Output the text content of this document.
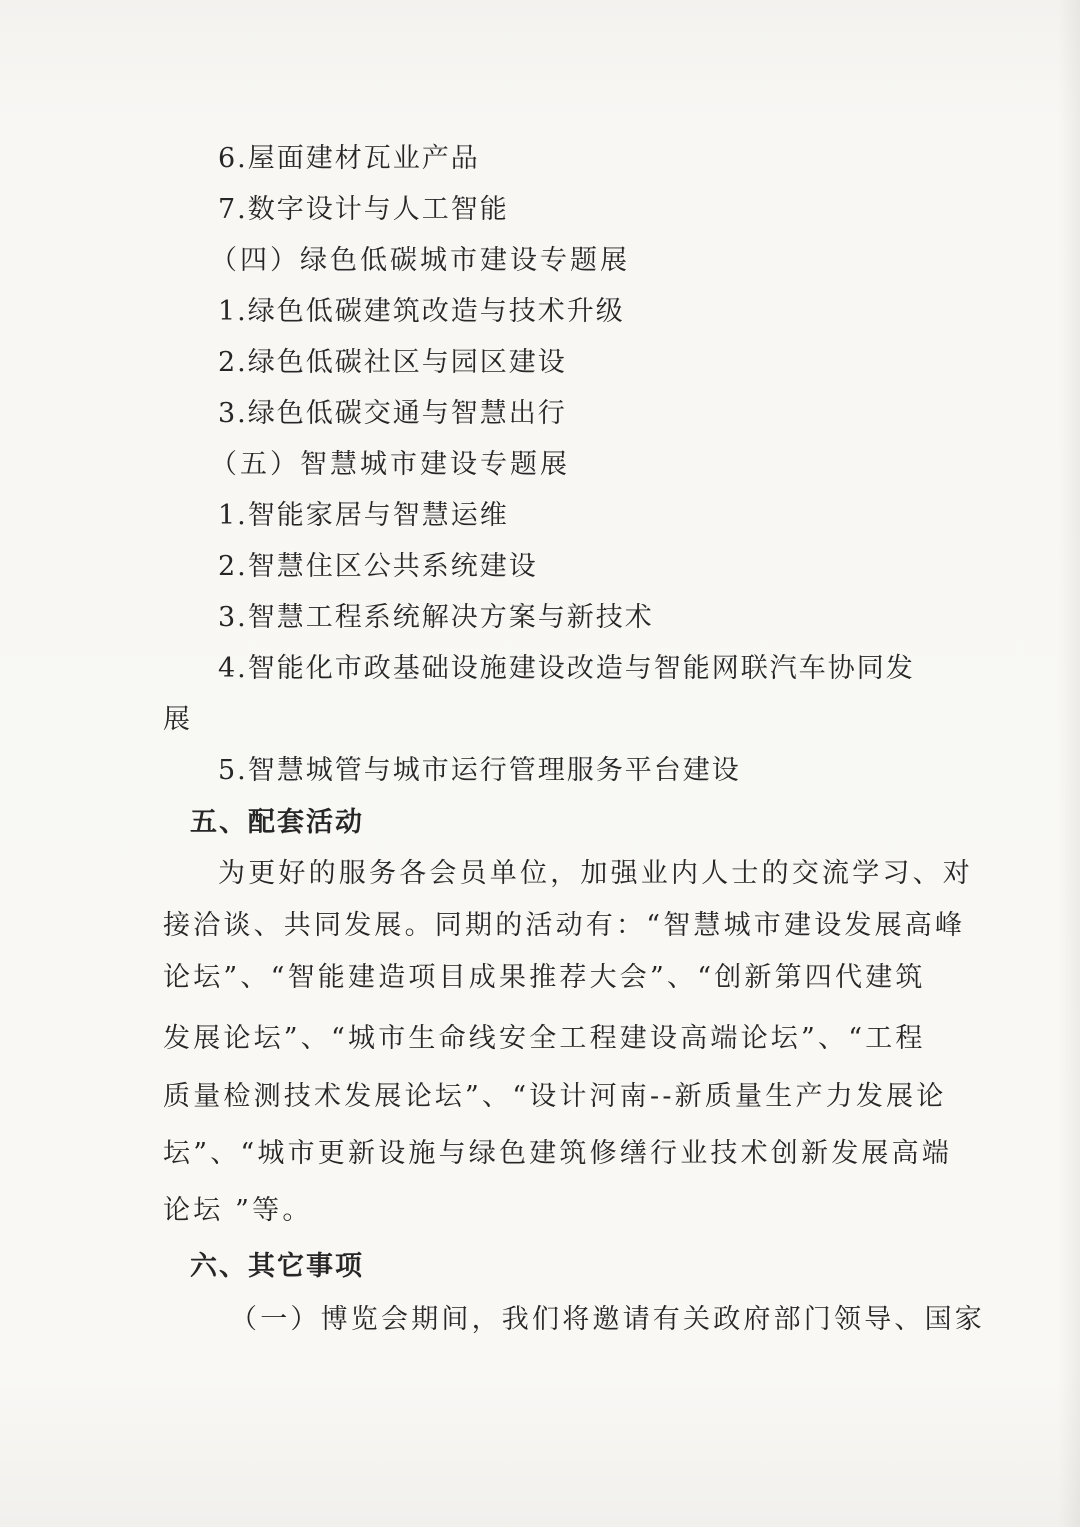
6.屋面建材瓦业产品
7.数字设计与人工智能
（四）绿色低碳城市建设专题展
1.绿色低碳建筑改造与技术升级
2.绿色低碳社区与园区建设
3.绿色低碳交通与智慧出行
（五）智慧城市建设专题展
1.智能家居与智慧运维
2.智慧住区公共系统建设
3.智慧工程系统解决方案与新技术
4.智能化市政基础设施建设改造与智能网联汽车协同发
展
5.智慧城管与城市运行管理服务平台建设
五、配套活动
为更好的服务各会员单位，加强业内人士的交流学习、对
接洽谈、共同发展。同期的活动有：“智慧城市建设发展高峰
论坛”、“智能建造项目成果推荐大会”、“创新第四代建筑
发展论坛”、“城市生命线安全工程建设高端论坛”、“工程
质量检测技术发展论坛”、“设计河南--新质量生产力发展论
坛”、“城市更新设施与绿色建筑修缮行业技术创新发展高端
论坛 ”等。
六、其它事项
（一）博览会期间，我们将邀请有关政府部门领导、国家
